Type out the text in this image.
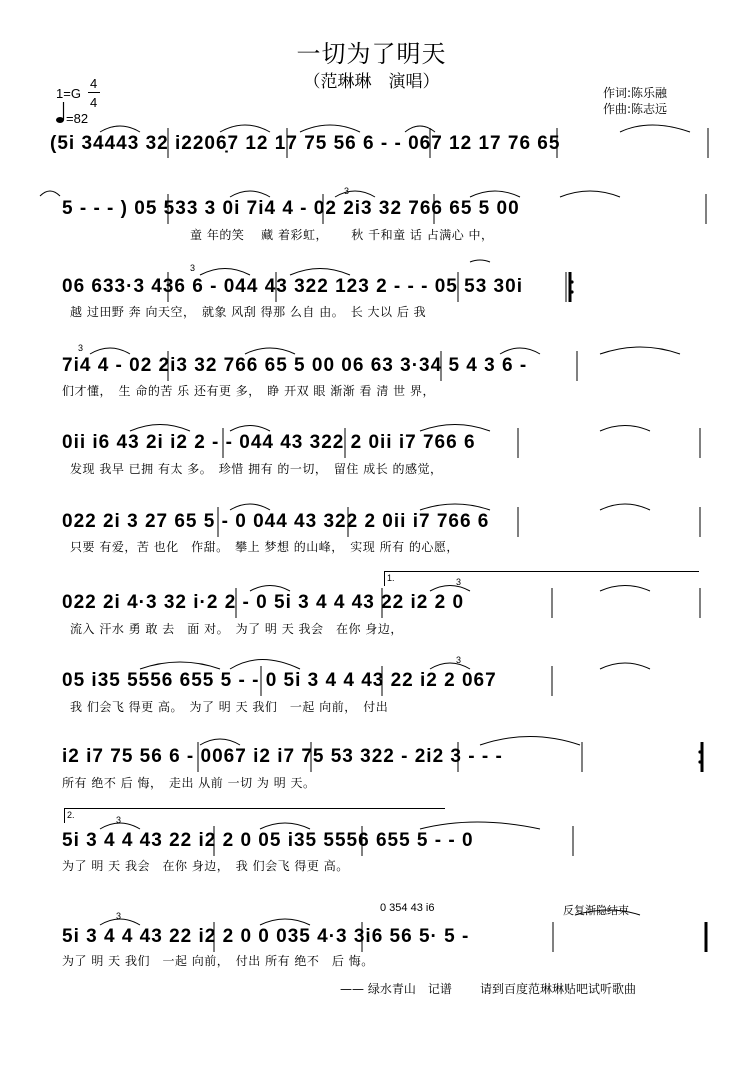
一切为了明天
（范琳琳　演唱）
作词:陈乐融
作曲:陈志远
1=G
4
4
=82
(5i 34443 32 i2206̣7 12 17 75 56 6 - - 067 12 17 76 65
5 - - - ) 05 533 3 0i 7i4 4 - 02 2i3 32 766 65 5 00
童 年的笑　 藏 着彩虹，　　 秋 千和童 话 占满心 中，
06 633·3 436 6 - 044 43 322 123 2 - - - 05 53 30i
越 过田野 奔 向天空，　就象 风刮 得那 么自 由。　长 大以 后 我
7i4 4 - 02 2i3 32 766 65 5 00 06 63 3·34 5 4 3 6 -
们才懂，　生 命的苦 乐 还有更 多，　睁 开双 眼 渐渐 看 清 世 界，
0ii i6 43 2i i2 2 - - 044 43 322 2 0ii i7 766 6
发现 我早 已拥 有太 多。　珍惜 拥有 的一切，　留住 成长 的感觉，
022 2i 3 27 65 5 - 0 044 43 322 2 0ii i7 766 6
只要 有爱，苦 也化　作甜。　攀上 梦想 的山峰，　实现 所有 的心愿，
1.
022 2i 4·3 32 i·2 2 - 0 5i 3 4 4 43 22 i2 2 0
流入 汗水 勇 敢 去　面 对。　为了 明 天 我会　在你 身边，
05 i35 5556 655 5 - - 0 5i 3 4 4 43 22 i2 2 067
我 们会飞 得更 高。　为了 明 天 我们　一起 向前，　付出
i2 i7 75 56 6 - 0067 i2 i7 75 53 322 - 2i2 3 - - -
所有 绝不 后 悔，　走出 从前 一切 为 明 天。
2.
5i 3 4 4 43 22 i2 2 0 05 i35 5556 655 5 - - 0
为了 明 天 我会　在你 身边，　我 们会飞 得更 高。
0 354 43 i6	反复渐隐结束
5i 3 4 4 43 22 i2 2 0 0 035 4·3 3i6 56 5· 5 -
为了 明 天 我们　一起 向前，　付出 所有 绝不　后 悔。
3
3
3
3
3
3
3
—— 绿水青山　记谱 请到百度范琳琳贴吧试听歌曲
